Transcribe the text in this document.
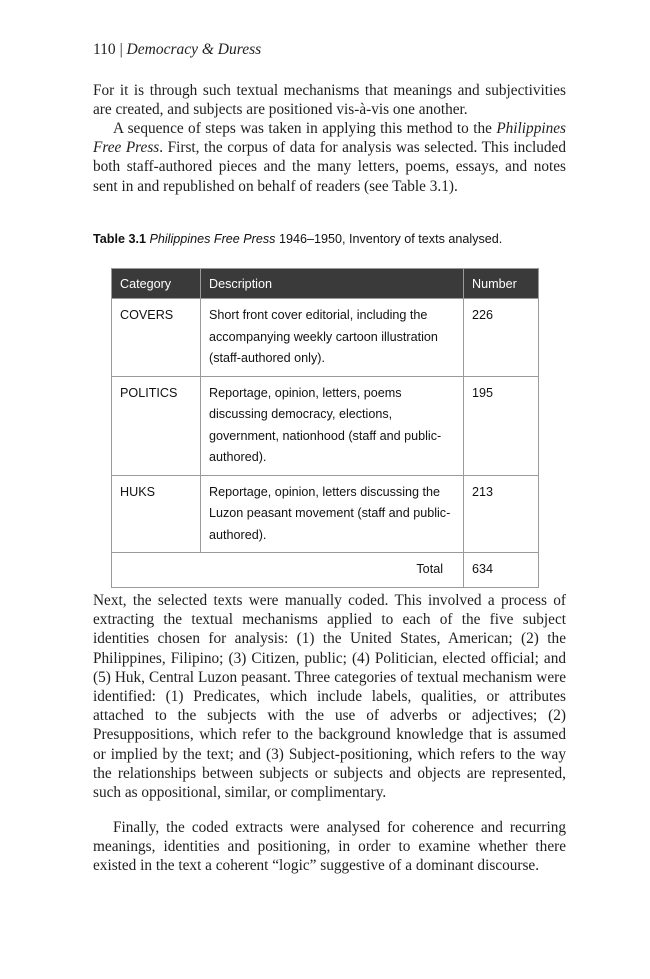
110 | Democracy & Duress

For it is through such textual mechanisms that meanings and subjectivities are created, and subjects are positioned vis-à-vis one another.

A sequence of steps was taken in applying this method to the Philippines Free Press. First, the corpus of data for analysis was selected. This included both staff-authored pieces and the many letters, poems, essays, and notes sent in and republished on behalf of readers (see Table 3.1).

Table 3.1 Philippines Free Press 1946–1950, Inventory of texts analysed.
Category	Description	Number
COVERS	Short front cover editorial, including the accompanying weekly cartoon illustration (staff-authored only).	226
POLITICS	Reportage, opinion, letters, poems discussing democracy, elections, government, nationhood (staff and public-authored).	195
HUKS	Reportage, opinion, letters discussing the Luzon peasant movement (staff and public-authored).	213
Total		634

Next, the selected texts were manually coded. This involved a process of extracting the textual mechanisms applied to each of the five subject identities chosen for analysis: (1) the United States, American; (2) the Philippines, Filipino; (3) Citizen, public; (4) Politician, elected official; and (5) Huk, Central Luzon peasant. Three categories of textual mechanism were identified: (1) Predicates, which include labels, qualities, or attributes attached to the subjects with the use of adverbs or adjectives; (2) Presuppositions, which refer to the background knowledge that is assumed or implied by the text; and (3) Subject-positioning, which refers to the way the relationships between subjects or subjects and objects are represented, such as oppositional, similar, or complimentary.

Finally, the coded extracts were analysed for coherence and recurring meanings, identities and positioning, in order to examine whether there existed in the text a coherent “logic” suggestive of a dominant discourse.
